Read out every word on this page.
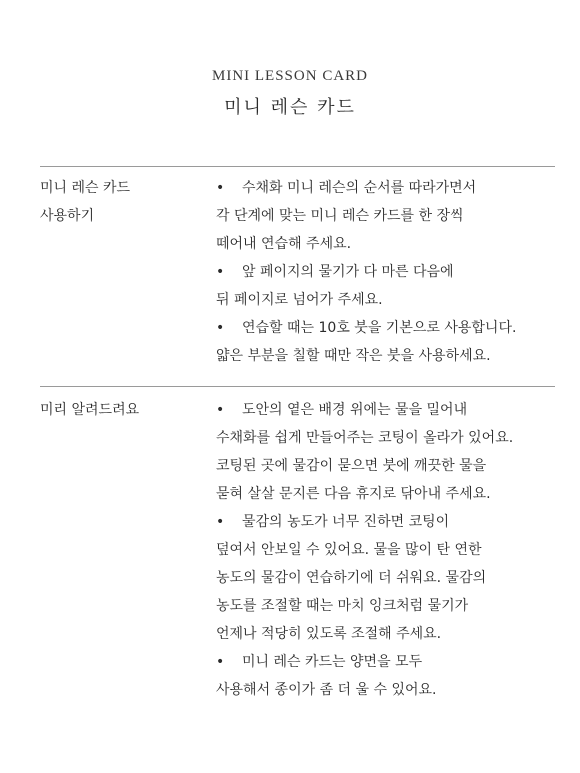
MINI LESSON CARD
미니 레슨 카드
미니 레슨 카드
사용하기
• 수채화 미니 레슨의 순서를 따라가면서
각 단계에 맞는 미니 레슨 카드를 한 장씩
떼어내 연습해 주세요.
• 앞 페이지의 물기가 다 마른 다음에
뒤 페이지로 넘어가 주세요.
• 연습할 때는 10호 붓을 기본으로 사용합니다.
얇은 부분을 칠할 때만 작은 붓을 사용하세요.
미리 알려드려요	• 도안의 옅은 배경 위에는 물을 밀어내
수채화를 쉽게 만들어주는 코팅이 올라가 있어요.
코팅된 곳에 물감이 묻으면 붓에 깨끗한 물을
묻혀 살살 문지른 다음 휴지로 닦아내 주세요.
• 물감의 농도가 너무 진하면 코팅이
덮여서 안보일 수 있어요. 물을 많이 탄 연한
농도의 물감이 연습하기에 더 쉬워요. 물감의
농도를 조절할 때는 마치 잉크처럼 물기가
언제나 적당히 있도록 조절해 주세요.
• 미니 레슨 카드는 양면을 모두
사용해서 종이가 좀 더 울 수 있어요.
